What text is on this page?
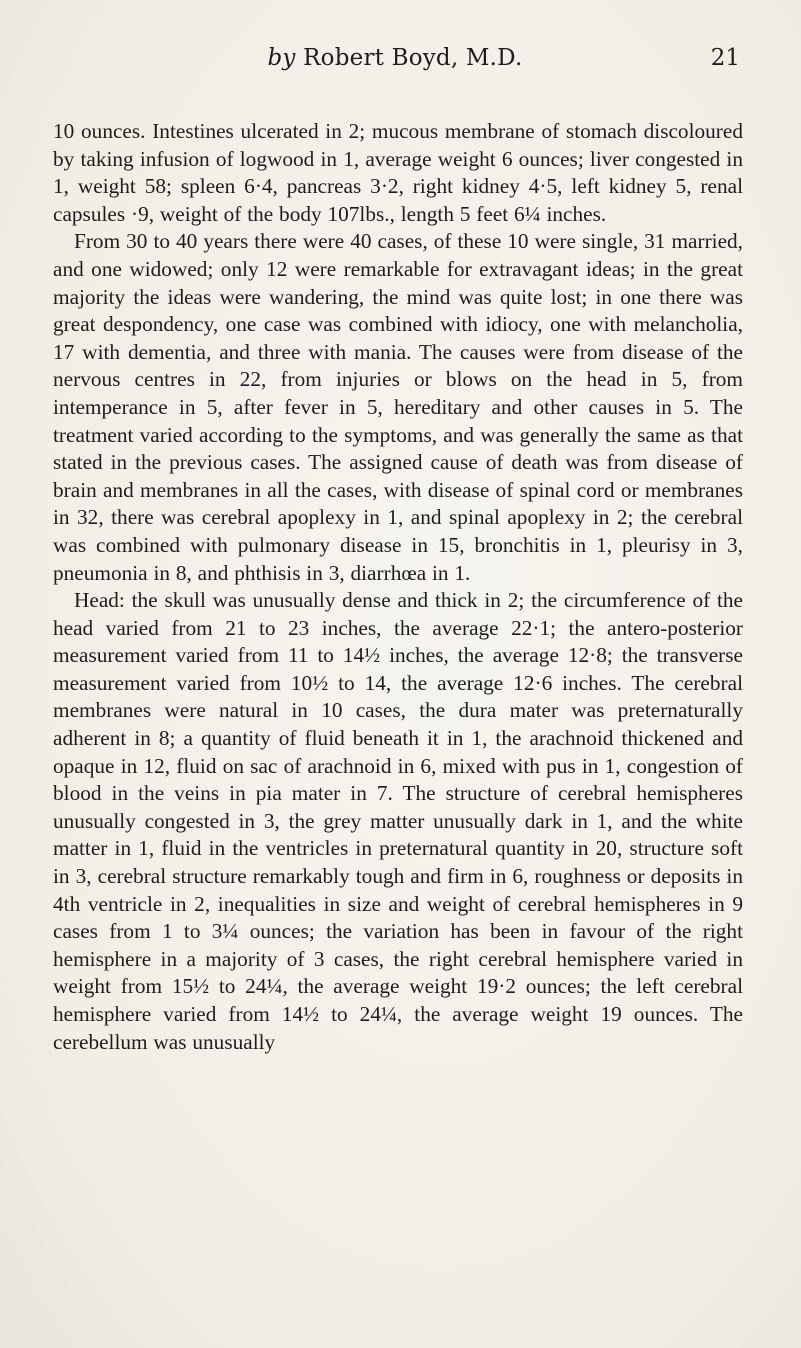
by Robert Boyd, M.D.	21

10 ounces. Intestines ulcerated in 2; mucous membrane of stomach discoloured by taking infusion of logwood in 1, average weight 6 ounces; liver congested in 1, weight 58; spleen 6·4, pancreas 3·2, right kidney 4·5, left kidney 5, renal capsules ·9, weight of the body 107lbs., length 5 feet 6¼ inches.

From 30 to 40 years there were 40 cases, of these 10 were single, 31 married, and one widowed; only 12 were remarkable for extravagant ideas; in the great majority the ideas were wandering, the mind was quite lost; in one there was great despondency, one case was combined with idiocy, one with melancholia, 17 with dementia, and three with mania. The causes were from disease of the nervous centres in 22, from injuries or blows on the head in 5, from intemperance in 5, after fever in 5, hereditary and other causes in 5. The treatment varied according to the symptoms, and was generally the same as that stated in the previous cases. The assigned cause of death was from disease of brain and membranes in all the cases, with disease of spinal cord or membranes in 32, there was cerebral apoplexy in 1, and spinal apoplexy in 2; the cerebral was combined with pulmonary disease in 15, bronchitis in 1, pleurisy in 3, pneumonia in 8, and phthisis in 3, diarrhœa in 1.

Head: the skull was unusually dense and thick in 2; the circumference of the head varied from 21 to 23 inches, the average 22·1; the antero-posterior measurement varied from 11 to 14½ inches, the average 12·8; the transverse measurement varied from 10½ to 14, the average 12·6 inches. The cerebral membranes were natural in 10 cases, the dura mater was preternaturally adherent in 8; a quantity of fluid beneath it in 1, the arachnoid thickened and opaque in 12, fluid on sac of arachnoid in 6, mixed with pus in 1, congestion of blood in the veins in pia mater in 7. The structure of cerebral hemispheres unusually congested in 3, the grey matter unusually dark in 1, and the white matter in 1, fluid in the ventricles in preternatural quantity in 20, structure soft in 3, cerebral structure remarkably tough and firm in 6, roughness or deposits in 4th ventricle in 2, inequalities in size and weight of cerebral hemispheres in 9 cases from 1 to 3¼ ounces; the variation has been in favour of the right hemisphere in a majority of 3 cases, the right cerebral hemisphere varied in weight from 15½ to 24¼, the average weight 19·2 ounces; the left cerebral hemisphere varied from 14½ to 24¼, the average weight 19 ounces. The cerebellum was unusually
